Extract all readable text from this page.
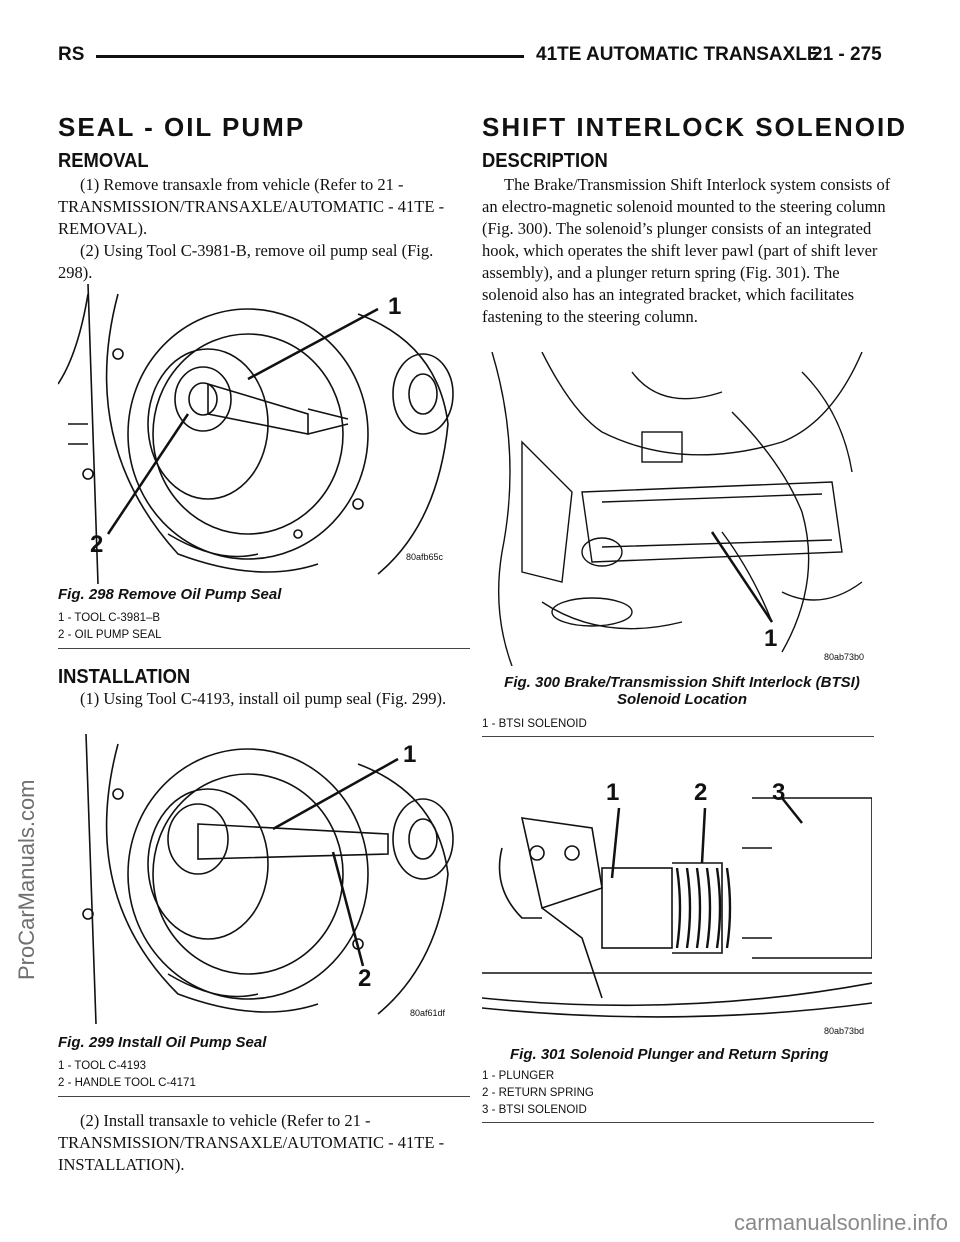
RS	41TE AUTOMATIC TRANSAXLE
21 - 275
SEAL - OIL PUMP
REMOVAL

(1) Remove transaxle from vehicle (Refer to 21 - TRANSMISSION/TRANSAXLE/AUTOMATIC - 41TE - REMOVAL).

(2) Using Tool C-3981-B, remove oil pump seal (Fig. 298).

1
2	80afb65c
Fig. 298 Remove Oil Pump Seal
1 - TOOL C-3981–B
2 - OIL PUMP SEAL
INSTALLATION

(1) Using Tool C-4193, install oil pump seal (Fig. 299).

1
2
80af61df
Fig. 299 Install Oil Pump Seal
1 - TOOL C-4193
2 - HANDLE TOOL C-4171

(2) Install transaxle to vehicle (Refer to 21 - TRANSMISSION/TRANSAXLE/AUTOMATIC - 41TE - INSTALLATION).

SHIFT INTERLOCK SOLENOID
DESCRIPTION

The Brake/Transmission Shift Interlock system consists of an electro-magnetic solenoid mounted to the steering column (Fig. 300). The solenoid’s plunger consists of an integrated hook, which operates the shift lever pawl (part of shift lever assembly), and a plunger return spring (Fig. 301). The solenoid also has an integrated bracket, which facilitates fastening to the steering column.

1
80ab73b0
Fig. 300 Brake/Transmission Shift Interlock (BTSI)
Solenoid Location
1 - BTSI SOLENOID
1	2	3
80ab73bd
Fig. 301 Solenoid Plunger and Return Spring
1 - PLUNGER
2 - RETURN SPRING
3 - BTSI SOLENOID
ProCarManuals.com
carmanualsonline.info
